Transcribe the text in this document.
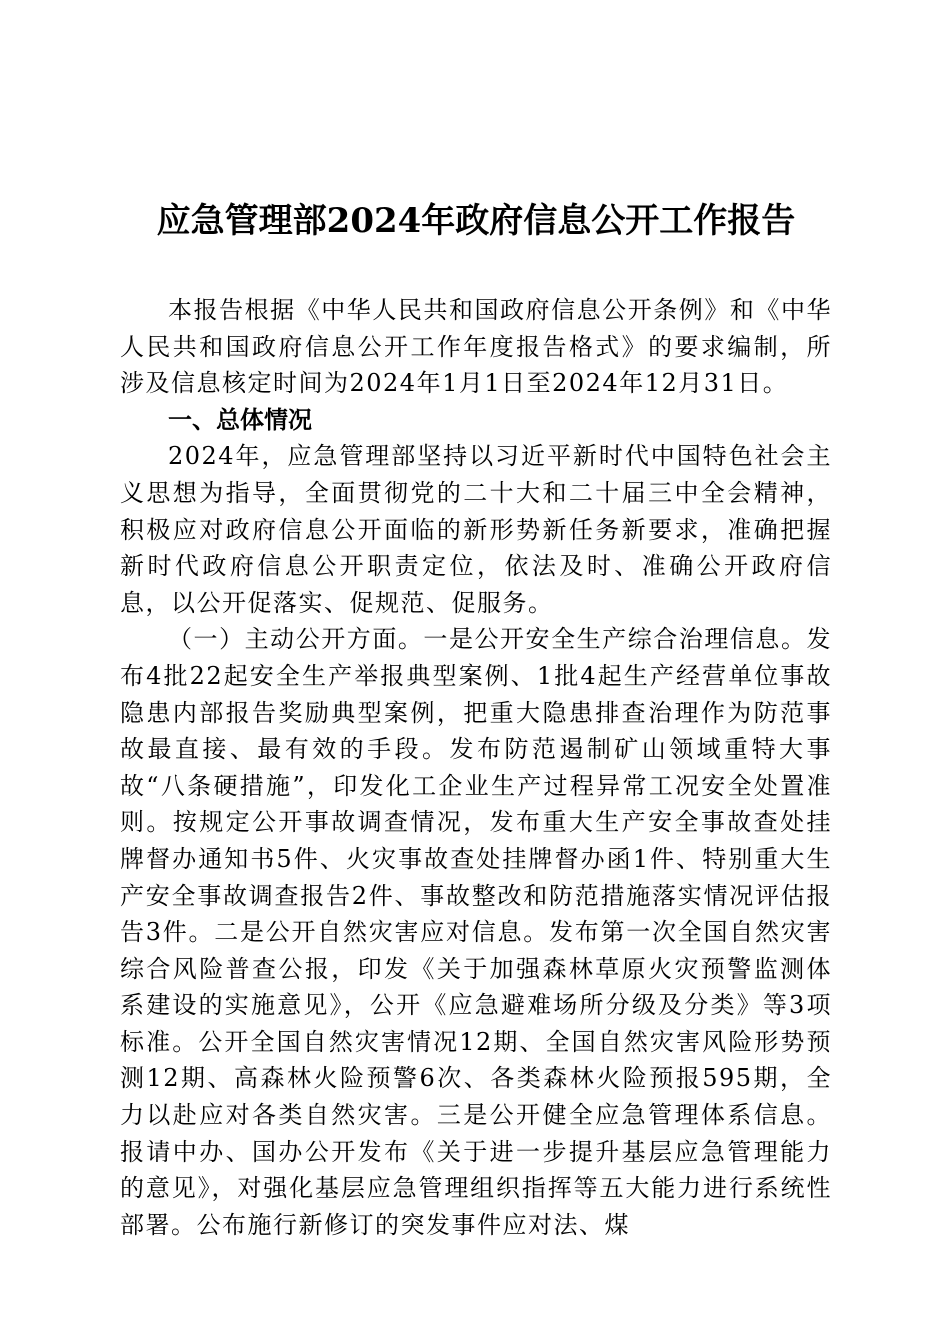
应急管理部2024年政府信息公开工作报告

本报告根据《中华人民共和国政府信息公开条例》和《中华人民共和国政府信息公开工作年度报告格式》的要求编制，所涉及信息核定时间为2024年1月1日至2024年12月31日。

一、总体情况

2024年，应急管理部坚持以习近平新时代中国特色社会主义思想为指导，全面贯彻党的二十大和二十届三中全会精神，积极应对政府信息公开面临的新形势新任务新要求，准确把握新时代政府信息公开职责定位，依法及时、准确公开政府信息，以公开促落实、促规范、促服务。

（一）主动公开方面。一是公开安全生产综合治理信息。发布4批22起安全生产举报典型案例、1批4起生产经营单位事故隐患内部报告奖励典型案例，把重大隐患排查治理作为防范事故最直接、最有效的手段。发布防范遏制矿山领域重特大事故“八条硬措施”，印发化工企业生产过程异常工况安全处置准则。按规定公开事故调查情况，发布重大生产安全事故查处挂牌督办通知书5件、火灾事故查处挂牌督办函1件、特别重大生产安全事故调查报告2件、事故整改和防范措施落实情况评估报告3件。二是公开自然灾害应对信息。发布第一次全国自然灾害综合风险普查公报，印发《关于加强森林草原火灾预警监测体系建设的实施意见》，公开《应急避难场所分级及分类》等3项标准。公开全国自然灾害情况12期、全国自然灾害风险形势预测12期、高森林火险预警6次、各类森林火险预报595期，全力以赴应对各类自然灾害。三是公开健全应急管理体系信息。报请中办、国办公开发布《关于进一步提升基层应急管理能力的意见》，对强化基层应急管理组织指挥等五大能力进行系统性部署。公布施行新修订的突发事件应对法、煤
